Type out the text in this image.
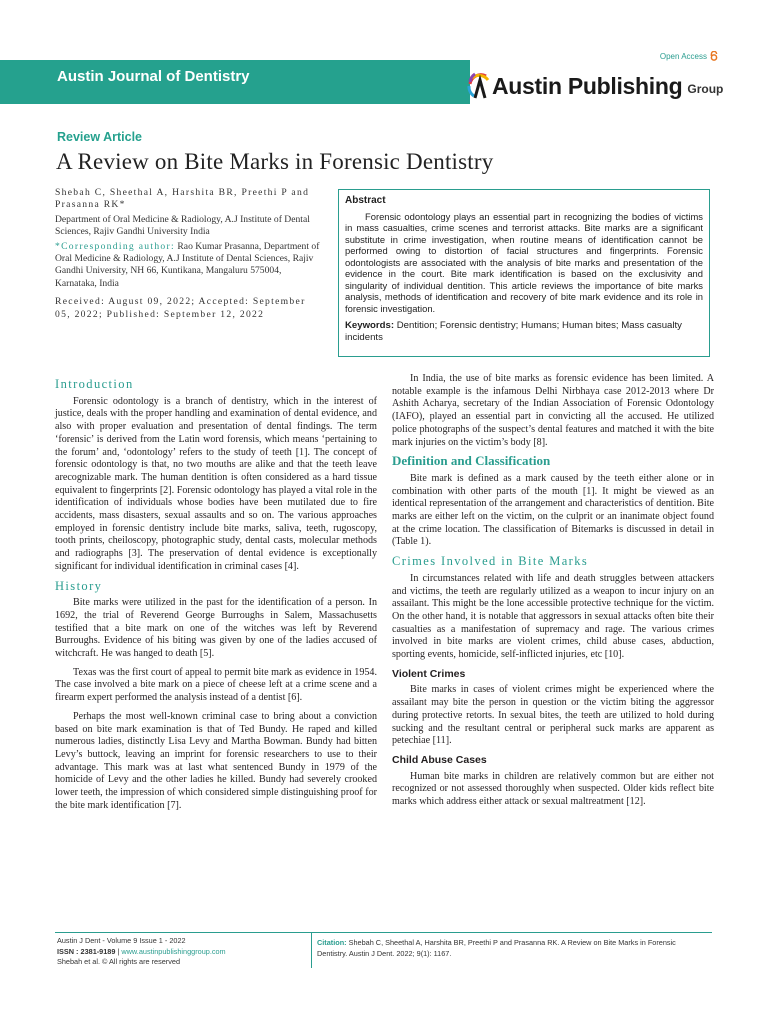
Open Access
Austin Journal of Dentistry	Austin Publishing Group
Review Article
A Review on Bite Marks in Forensic Dentistry

Shebah C, Sheethal A, Harshita BR, Preethi P and Prasanna RK*

Department of Oral Medicine & Radiology, A.J Institute of Dental Sciences, Rajiv Gandhi University India

*Corresponding author: Rao Kumar Prasanna, Department of Oral Medicine & Radiology, A.J Institute of Dental Sciences, Rajiv Gandhi University, NH 66, Kuntikana, Mangaluru 575004, Karnataka, India

Received: August 09, 2022; Accepted: September 05, 2022; Published: September 12, 2022

Abstract

Forensic odontology plays an essential part in recognizing the bodies of victims in mass casualties, crime scenes and terrorist attacks. Bite marks are a significant substitute in crime investigation, when routine means of identification cannot be performed owing to distortion of facial structures and fingerprints. Forensic odontologists are associated with the analysis of bite marks and presentation of the evidence in the court. Bite mark identification is based on the exclusivity and singularity of individual dentition. This article reviews the importance of bite marks analysis, methods of identification and recovery of bite mark evidence and its role in forensic investigation.

Keywords: Dentition; Forensic dentistry; Humans; Human bites; Mass casualty incidents
Introduction

Forensic odontology is a branch of dentistry, which in the interest of justice, deals with the proper handling and examination of dental evidence, and also with proper evaluation and presentation of dental findings. The term ‘forensic’ is derived from the Latin word forensis, which means ‘pertaining to the forum’ and, ‘odontology’ refers to the study of teeth [1]. The concept of forensic odontology is that, no two mouths are alike and that the teeth leave arecognizable mark. The human dentition is often considered as a hard tissue equivalent to fingerprints [2]. Forensic odontology has played a vital role in the identification of individuals whose bodies have been mutilated due to fire accidents, mass disasters, sexual assaults and so on. The various approaches employed in forensic dentistry include bite marks, saliva, teeth, rugoscopy, tooth prints, cheiloscopy, photographic study, dental casts, molecular methods and radiographs [3]. The preservation of dental evidence is exceptionally significant for individual identification in criminal cases [4].

History

Bite marks were utilized in the past for the identification of a person. In 1692, the trial of Reverend George Burroughs in Salem, Massachusetts testified that a bite mark on one of the witches was left by Reverend Burroughs. Evidence of his biting was given by one of the ladies accused of witchcraft. He was hanged to death [5].

Texas was the first court of appeal to permit bite mark as evidence in 1954. The case involved a bite mark on a piece of cheese left at a crime scene and a firearm expert performed the analysis instead of a dentist [6].

Perhaps the most well-known criminal case to bring about a conviction based on bite mark examination is that of Ted Bundy. He raped and killed numerous ladies, distinctly Lisa Levy and Martha Bowman. Bundy had bitten Levy’s buttock, leaving an imprint for forensic researchers to use to their advantage. This mark was at last what sentenced Bundy in 1979 of the homicide of Levy and the other ladies he killed. Bundy had severely crooked lower teeth, the impression of which considered simple distinguishing proof for the bite mark identification [7].

In India, the use of bite marks as forensic evidence has been limited. A notable example is the infamous Delhi Nirbhaya case 2012-2013 where Dr Ashith Acharya, secretary of the Indian Association of Forensic Odontology (IAFO), played an essential part in convicting all the accused. He utilized police photographs of the suspect’s dental features and matched it with the bite mark injuries on the victim’s body [8].

Definition and Classification

Bite mark is defined as a mark caused by the teeth either alone or in combination with other parts of the mouth [1]. It might be viewed as an identical representation of the arrangement and characteristics of dentition. Bite marks are either left on the victim, on the culprit or an inanimate object found at the crime location. The classification of Bitemarks is discussed in detail in (Table 1).

Crimes Involved in Bite Marks

In circumstances related with life and death struggles between attackers and victims, the teeth are regularly utilized as a weapon to incur injury on an assailant. This might be the lone accessible protective technique for the victim. On the other hand, it is notable that aggressors in sexual attacks often bite their casualties as a manifestation of supremacy and rage. The various crimes involved in bite marks are violent crimes, child abuse cases, abduction, sporting events, homicide, self-inflicted injuries, etc [10].

Violent Crimes

Bite marks in cases of violent crimes might be experienced where the assailant may bite the person in question or the victim biting the aggressor during protective retorts. In sexual bites, the teeth are utilized to hold during sucking and the resultant central or peripheral suck marks are apparent as petechiae [11].

Child Abuse Cases

Human bite marks in children are relatively common but are either not recognized or not assessed thoroughly when suspected. Older kids reflect bite marks which address either attack or sexual maltreatment [12].

Austin J Dent - Volume 9 Issue 1 - 2022
ISSN : 2381-9189 | www.austinpublishinggroup.com
Shebah et al. © All rights are reserved
Citation: Shebah C, Sheethal A, Harshita BR, Preethi P and Prasanna RK. A Review on Bite Marks in Forensic Dentistry. Austin J Dent. 2022; 9(1): 1167.
